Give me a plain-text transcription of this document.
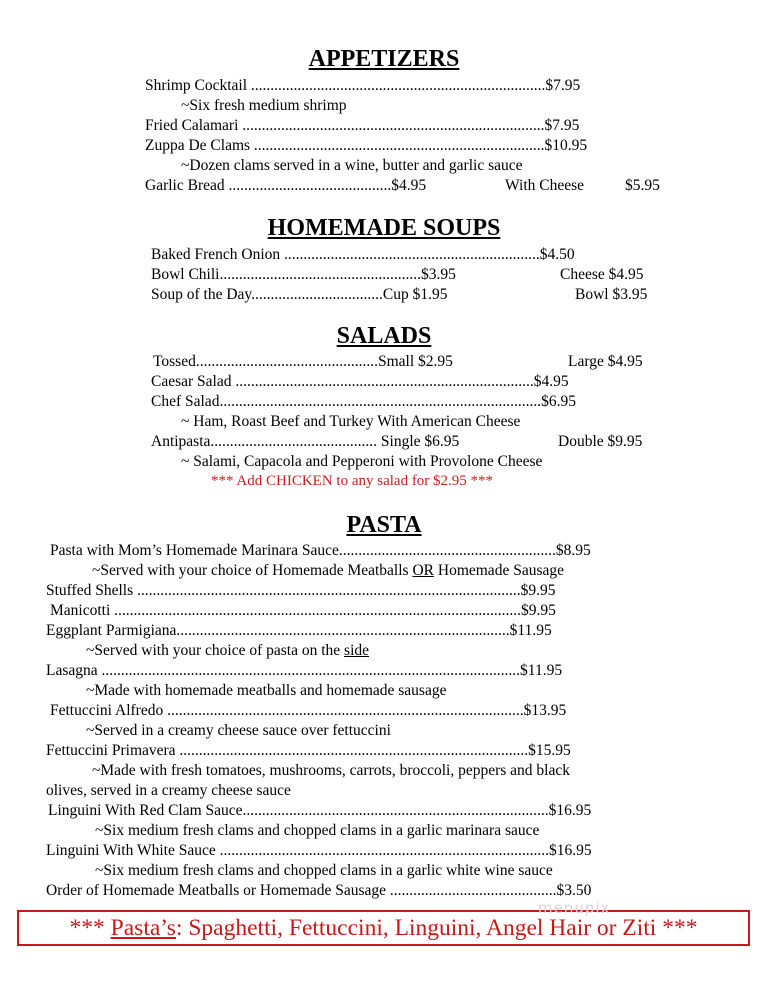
APPETIZERS
Shrimp Cocktail ............................................................................$7.95
~Six fresh medium shrimp
Fried Calamari ..............................................................................$7.95
Zuppa De Clams ...........................................................................$10.95
~Dozen clams served in a wine, butter and garlic sauce
Garlic Bread ..........................................$4.95	With Cheese	$5.95
HOMEMADE SOUPS
Baked French Onion ..................................................................$4.50
Bowl Chili....................................................$3.95	Cheese $4.95
Soup of the Day..................................Cup $1.95	Bowl $3.95
SALADS
Tossed...............................................Small $2.95	Large $4.95
Caesar Salad .............................................................................$4.95
Chef Salad...................................................................................$6.95
~ Ham, Roast Beef and Turkey With American Cheese
Antipasta........................................... Single $6.95	Double $9.95
~ Salami, Capacola and Pepperoni with Provolone Cheese
*** Add CHICKEN to any salad for $2.95 ***
PASTA
Pasta with Mom’s Homemade Marinara Sauce........................................................$8.95
~Served with your choice of Homemade Meatballs OR Homemade Sausage
Stuffed Shells ...................................................................................................$9.95
Manicotti .........................................................................................................$9.95
Eggplant Parmigiana......................................................................................$11.95
~Served with your choice of pasta on the side
Lasagna ............................................................................................................$11.95
~Made with homemade meatballs and homemade sausage
Fettuccini Alfredo ............................................................................................$13.95
~Served in a creamy cheese sauce over fettuccini
Fettuccini Primavera ..........................................................................................$15.95
~Made with fresh tomatoes, mushrooms, carrots, broccoli, peppers and black
olives, served in a creamy cheese sauce
Linguini With Red Clam Sauce...............................................................................$16.95
~Six medium fresh clams and chopped clams in a garlic marinara sauce
Linguini With White Sauce .....................................................................................$16.95
~Six medium fresh clams and chopped clams in a garlic white wine sauce
Order of Homemade Meatballs or Homemade Sausage ...........................................$3.50
*** Pasta’s : Spaghetti, Fettuccini, Linguini, Angel Hair or Ziti ***
menupix
